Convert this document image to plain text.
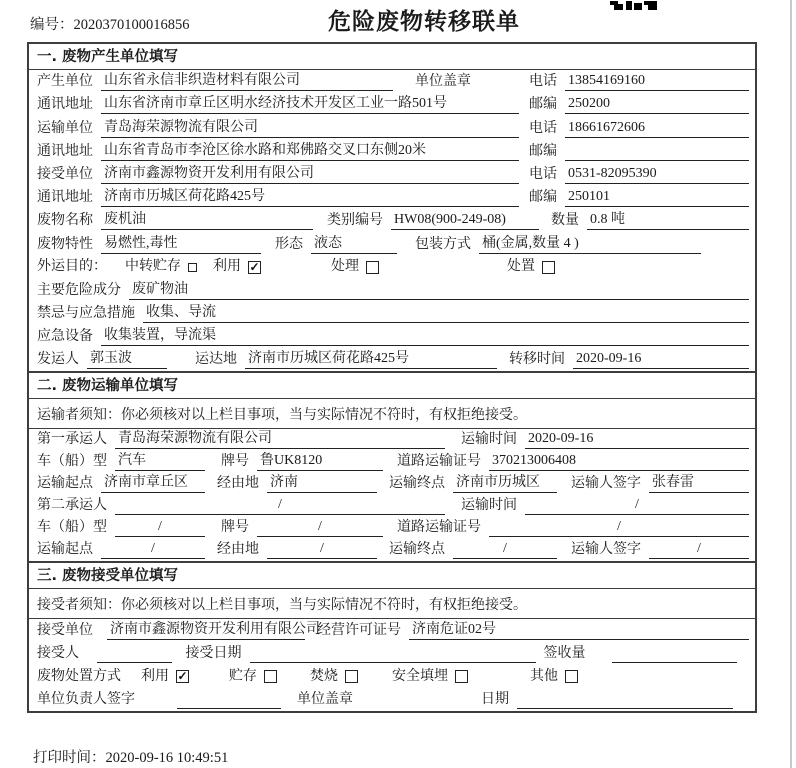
编号：2020370100016856	危险废物转移联单
一. 废物产生单位填写
产生单位 山东省永信非织造材料有限公司	单位盖章	电话 13854169160
通讯地址 山东省济南市章丘区明水经济技术开发区工业一路501号	邮编 250200
运输单位 青岛海荣源物流有限公司	电话 18661672606
通讯地址 山东省青岛市李沧区徐水路和郑佛路交叉口东侧20米	邮编
接受单位 济南市鑫源物资开发利用有限公司	电话 0531-82095390
通讯地址 济南市历城区荷花路425号	邮编 250101
废物名称 废机油	类别编号 HW08(900-249-08)	数量 0.8 吨
废物特性 易燃性,毒性	形态 液态	包装方式 桶(金属,数量 4 )
外运目的： 中转贮存 利用 ✓	处理	处置
主要危险成分 废矿物油
禁忌与应急措施 收集、导流
应急设备 收集装置，导流渠
发运人 郭玉波	运达地 济南市历城区荷花路425号	转移时间 2020-09-16
二. 废物运输单位填写
运输者须知：你必须核对以上栏目事项，当与实际情况不符时，有权拒绝接受。
第一承运人 青岛海荣源物流有限公司	运输时间 2020-09-16
车（船）型 汽车	牌号 鲁UK8120	道路运输证号 370213006408
运输起点 济南市章丘区	经由地 济南	运输终点 济南市历城区	运输人签字 张春雷
第二承运人	/	运输时间	/
车（船）型	/	牌号	/	道路运输证号	/
运输起点	/	经由地	/	运输终点	/	运输人签字	/
三. 废物接受单位填写
接受者须知：你必须核对以上栏目事项，当与实际情况不符时，有权拒绝接受。
接受单位 济南市鑫源物资开发利用有限公司
经营许可证号 济南危证02号
接受人	接受日期	签收量
废物处置方式 利用 ✓	贮存	焚烧	安全填埋	其他
单位负责人签字	单位盖章	日期
打印时间：2020-09-16 10:49:51
